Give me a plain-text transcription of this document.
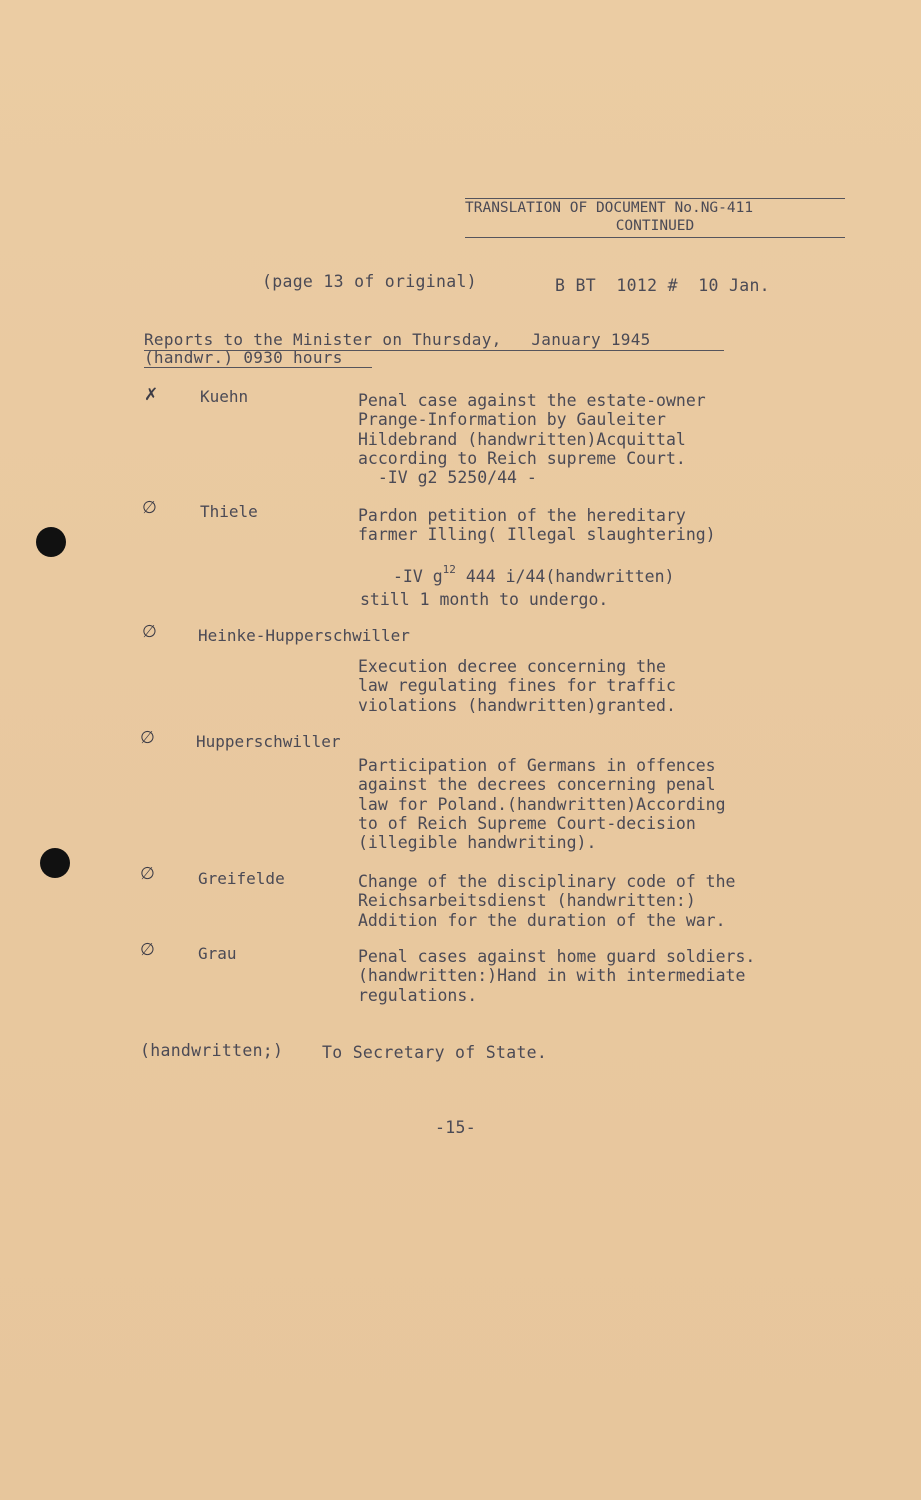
TRANSLATION OF DOCUMENT No.NG-411
CONTINUED
(page 13 of original)	B BT  1012 #  10 Jan.
Reports to the Minister on Thursday,   January 1945
(handwr.) 0930 hours
✗	Kuehn	Penal case against the estate-owner
Prange-Information by Gauleiter
Hildebrand (handwritten)Acquittal
according to Reich supreme Court.
-IV g2 5250/44 -
∅	Thiele	Pardon petition of the hereditary
farmer Illing( Illegal slaughtering)
-IV $g^{12}$ 444 i/44(handwritten)
still 1 month to undergo.
∅	Heinke-Hupperschwiller
Execution decree concerning the
law regulating fines for traffic
violations (handwritten)granted.
∅	Hupperschwiller
Participation of Germans in offences
against the decrees concerning penal
law for Poland.(handwritten)According
to of Reich Supreme Court-decision
(illegible handwriting).
∅	Greifelde	Change of the disciplinary code of the
Reichsarbeitsdienst (handwritten:)
Addition for the duration of the war.
∅	Grau	Penal cases against home guard soldiers.
(handwritten:)Hand in with intermediate
regulations.
(handwritten;) To Secretary of State.
-15-
